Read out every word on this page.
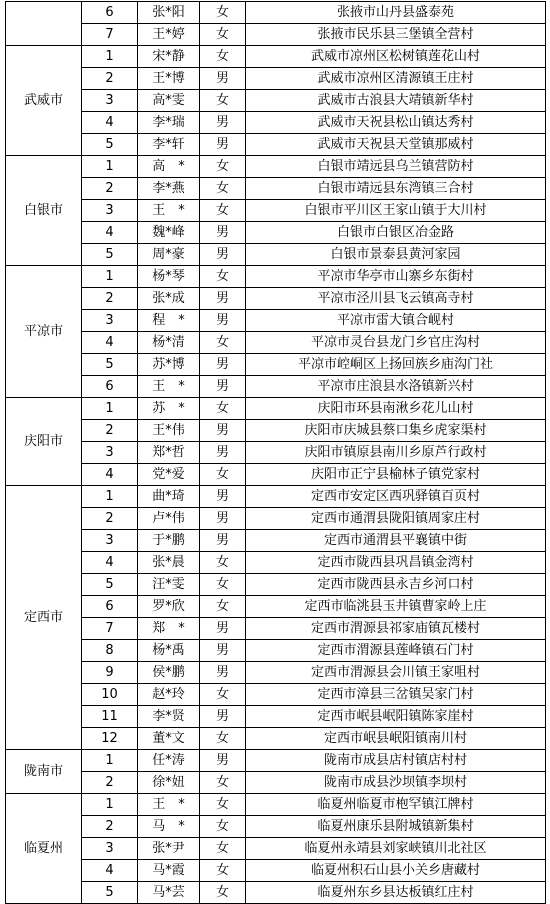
	6	张*阳	女	张掖市山丹县盛泰苑
	7	王*婷	女	张掖市民乐县三堡镇全营村
武威市	1	宋*静	女	武威市凉州区松树镇莲花山村
	2	王*博	男	武威市凉州区清源镇王庄村
	3	高*雯	女	武威市古浪县大靖镇新华村
	4	李*瑞	男	武威市天祝县松山镇达秀村
	5	李*轩	男	武威市天祝县天堂镇那威村
白银市	1	高　*	女	白银市靖远县乌兰镇营防村
	2	李*燕	女	白银市靖远县东湾镇三合村
	3	王　*	女	白银市平川区王家山镇于大川村
	4	魏*峰	男	白银市白银区冶金路
	5	周*豪	男	白银市景泰县黄河家园
平凉市	1	杨*琴	女	平凉市华亭市山寨乡东街村
	2	张*成	男	平凉市泾川县飞云镇高寺村
	3	程　*	男	平凉市雷大镇合岘村
	4	杨*清	女	平凉市灵台县龙门乡官庄沟村
	5	苏*博	男	平凉市崆峒区上扬回族乡庙沟门社
	6	王　*	男	平凉市庄浪县水洛镇新兴村
庆阳市	1	苏　*	女	庆阳市环县南湫乡花儿山村
	2	王*伟	男	庆阳市庆城县蔡口集乡虎家渠村
	3	郑*哲	男	庆阳市镇原县南川乡原芦行政村
	4	党*爱	女	庆阳市正宁县榆林子镇党家村
定西市	1	曲*琦	男	定西市安定区西巩驿镇百页村
	2	卢*伟	男	定西市通渭县陇阳镇周家庄村
	3	于*鹏	男	定西市通渭县平襄镇中街
	4	张*晨	女	定西市陇西县巩昌镇金湾村
	5	汪*雯	女	定西市陇西县永吉乡河口村
	6	罗*欣	女	定西市临洮县玉井镇曹家岭上庄
	7	郑　*	男	定西市渭源县祁家庙镇瓦楼村
	8	杨*禹	男	定西市渭源县莲峰镇石门村
	9	侯*鹏	男	定西市渭源县会川镇王家咀村
	10	赵*玲	女	定西市漳县三岔镇吴家门村
	11	李*贤	男	定西市岷县岷阳镇陈家崖村
	12	董*文	女	定西市岷县岷阳镇南川村
陇南市	1	任*涛	男	陇南市成县店村镇店村村
	2	徐*妞	女	陇南市成县沙坝镇李坝村
临夏州	1	王　*	女	临夏州临夏市枹罕镇江牌村
	2	马　*	女	临夏州康乐县附城镇新集村
	3	张*尹	女	临夏州永靖县刘家峡镇川北社区
	4	马*霞	女	临夏州积石山县小关乡唐藏村
	5	马*芸	女	临夏州东乡县达板镇红庄村
